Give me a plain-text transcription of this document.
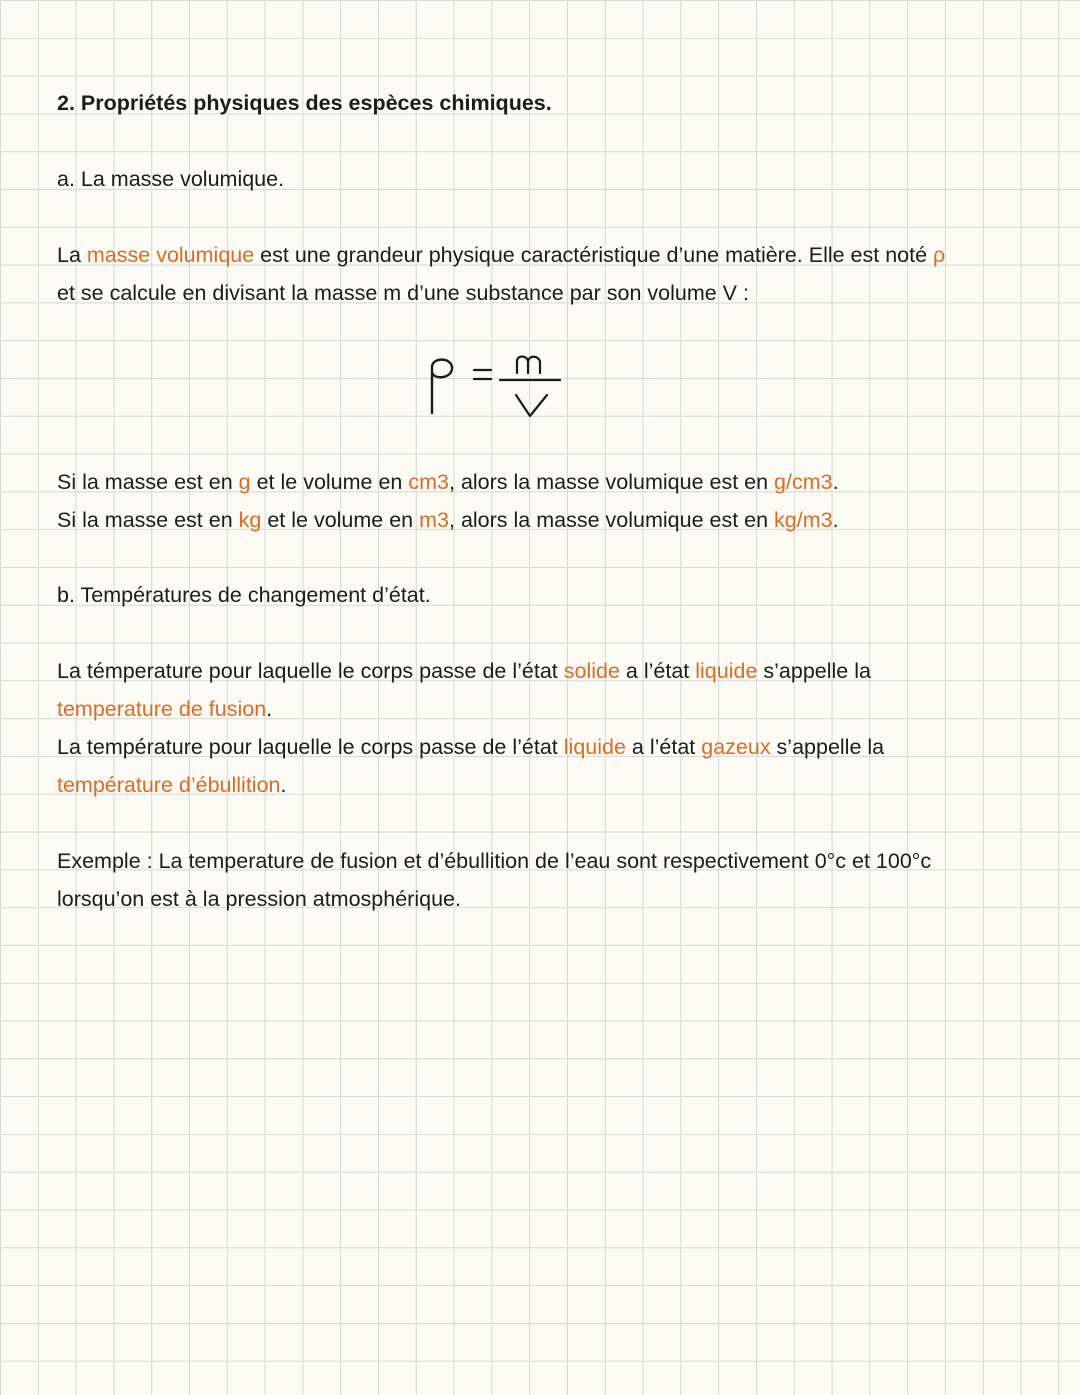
2. Propriétés physiques des espèces chimiques.
a. La masse volumique.
La masse volumique est une grandeur physique caractéristique d’une matière. Elle est noté ρ
et se calcule en divisant la masse m d’une substance par son volume V :
Si la masse est en g et le volume en cm3, alors la masse volumique est en g/cm3.
Si la masse est en kg et le volume en m3, alors la masse volumique est en kg/m3.
b. Températures de changement d’état.
La témperature pour laquelle le corps passe de l’état solide a l’état liquide s’appelle la
temperature de fusion.
La température pour laquelle le corps passe de l’état liquide a l’état gazeux s’appelle la
température d’ébullition.
Exemple : La temperature de fusion et d’ébullition de l’eau sont respectivement 0°c et 100°c
lorsqu’on est à la pression atmosphérique.
